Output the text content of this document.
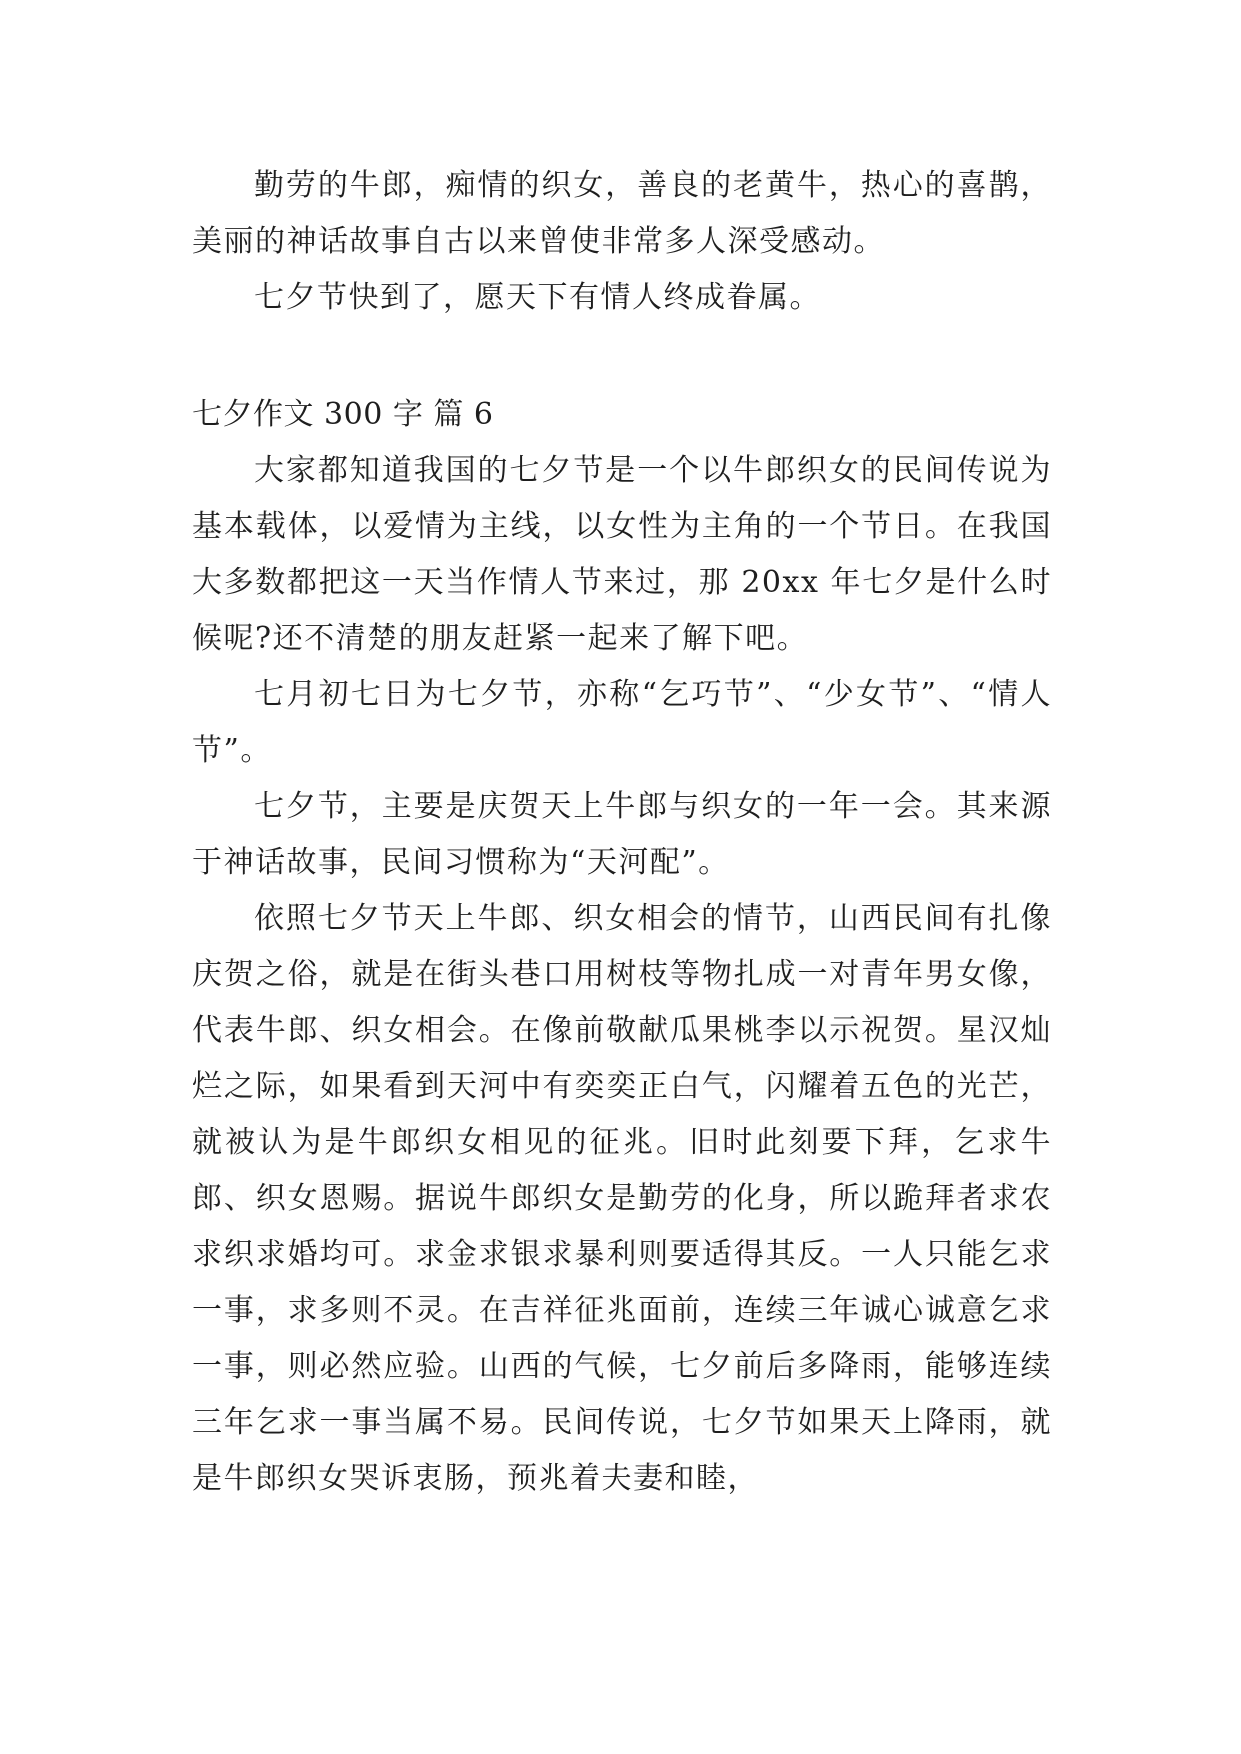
勤劳的牛郎，痴情的织女，善良的老黄牛，热心的喜鹊，美丽的神话故事自古以来曾使非常多人深受感动。

七夕节快到了，愿天下有情人终成眷属。

七夕作文 300 字 篇 6

大家都知道我国的七夕节是一个以牛郎织女的民间传说为基本载体，以爱情为主线，以女性为主角的一个节日。在我国大多数都把这一天当作情人节来过，那 20xx 年七夕是什么时候呢?还不清楚的朋友赶紧一起来了解下吧。

七月初七日为七夕节，亦称“乞巧节”、“少女节”、“情人节”。

七夕节，主要是庆贺天上牛郎与织女的一年一会。其来源于神话故事，民间习惯称为“天河配”。

依照七夕节天上牛郎、织女相会的情节，山西民间有扎像庆贺之俗，就是在街头巷口用树枝等物扎成一对青年男女像，代表牛郎、织女相会。在像前敬献瓜果桃李以示祝贺。星汉灿烂之际，如果看到天河中有奕奕正白气，闪耀着五色的光芒，就被认为是牛郎织女相见的征兆。旧时此刻要下拜，乞求牛郎、织女恩赐。据说牛郎织女是勤劳的化身，所以跪拜者求农求织求婚均可。求金求银求暴利则要适得其反。一人只能乞求一事，求多则不灵。在吉祥征兆面前，连续三年诚心诚意乞求一事，则必然应验。山西的气候，七夕前后多降雨，能够连续三年乞求一事当属不易。民间传说，七夕节如果天上降雨，就是牛郎织女哭诉衷肠，预兆着夫妻和睦，
